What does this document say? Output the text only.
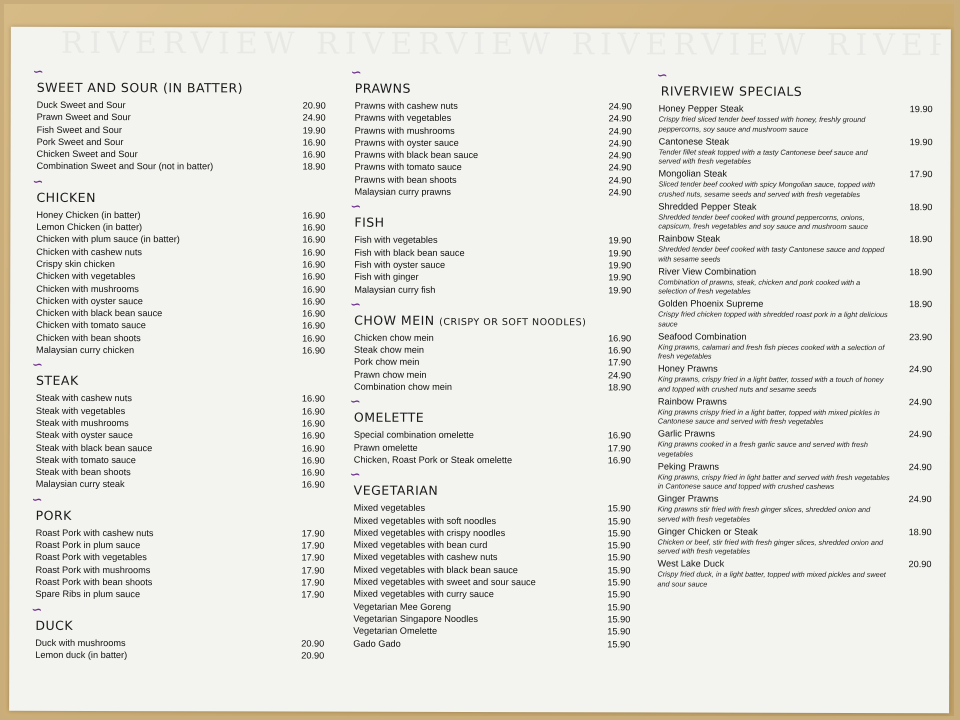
∽
SWEET AND SOUR (IN BATTER)
Duck Sweet and Sour	20.90
Prawn Sweet and Sour	24.90
Fish Sweet and Sour	19.90
Pork Sweet and Sour	16.90
Chicken Sweet and Sour	16.90
Combination Sweet and Sour (not in batter)	18.90
∽
CHICKEN
Honey Chicken (in batter)	16.90
Lemon Chicken (in batter)	16.90
Chicken with plum sauce (in batter)	16.90
Chicken with cashew nuts	16.90
Crispy skin chicken	16.90
Chicken with vegetables	16.90
Chicken with mushrooms	16.90
Chicken with oyster sauce	16.90
Chicken with black bean sauce	16.90
Chicken with tomato sauce	16.90
Chicken with bean shoots	16.90
Malaysian curry chicken	16.90
∽
STEAK
Steak with cashew nuts	16.90
Steak with vegetables	16.90
Steak with mushrooms	16.90
Steak with oyster sauce	16.90
Steak with black bean sauce	16.90
Steak with tomato sauce	16.90
Steak with bean shoots	16.90
Malaysian curry steak	16.90
∽
PORK
Roast Pork with cashew nuts	17.90
Roast Pork in plum sauce	17.90
Roast Pork with vegetables	17.90
Roast Pork with mushrooms	17.90
Roast Pork with bean shoots	17.90
Spare Ribs in plum sauce	17.90
∽
DUCK
Duck with mushrooms	20.90
Lemon duck (in batter)	20.90
∽
PRAWNS
Prawns with cashew nuts	24.90
Prawns with vegetables	24.90
Prawns with mushrooms	24.90
Prawns with oyster sauce	24.90
Prawns with black bean sauce	24.90
Prawns with tomato sauce	24.90
Prawns with bean shoots	24.90
Malaysian curry prawns	24.90
∽
FISH
Fish with vegetables	19.90
Fish with black bean sauce	19.90
Fish with oyster sauce	19.90
Fish with ginger	19.90
Malaysian curry fish	19.90
∽
CHOW MEIN (CRISPY OR SOFT NOODLES)
Chicken chow mein	16.90
Steak chow mein	16.90
Pork chow mein	17.90
Prawn chow mein	24.90
Combination chow mein	18.90
∽
OMELETTE
Special combination omelette	16.90
Prawn omelette	17.90
Chicken, Roast Pork or Steak omelette	16.90
∽
VEGETARIAN
Mixed vegetables	15.90
Mixed vegetables with soft noodles	15.90
Mixed vegetables with crispy noodles	15.90
Mixed vegetables with bean curd	15.90
Mixed vegetables with cashew nuts	15.90
Mixed vegetables with black bean sauce	15.90
Mixed vegetables with sweet and sour sauce	15.90
Mixed vegetables with curry sauce	15.90
Vegetarian Mee Goreng	15.90
Vegetarian Singapore Noodles	15.90
Vegetarian Omelette	15.90
Gado Gado	15.90
∽
RIVERVIEW SPECIALS
Honey Pepper Steak	19.90
Crispy fried sliced tender beef tossed with honey, freshly ground peppercorns, soy sauce and mushroom sauce
Cantonese Steak	19.90
Tender fillet steak topped with a tasty Cantonese beef sauce and served with fresh vegetables
Mongolian Steak	17.90
Sliced tender beef cooked with spicy Mongolian sauce, topped with crushed nuts, sesame seeds and served with fresh vegetables
Shredded Pepper Steak	18.90
Shredded tender beef cooked with ground peppercorns, onions, capsicum, fresh vegetables and soy sauce and mushroom sauce
Rainbow Steak	18.90
Shredded tender beef cooked with tasty Cantonese sauce and topped with sesame seeds
River View Combination	18.90
Combination of prawns, steak, chicken and pork cooked with a selection of fresh vegetables
Golden Phoenix Supreme	18.90
Crispy fried chicken topped with shredded roast pork in a light delicious sauce
Seafood Combination	23.90
King prawns, calamari and fresh fish pieces cooked with a selection of fresh vegetables
Honey Prawns	24.90
King prawns, crispy fried in a light batter, tossed with a touch of honey and topped with crushed nuts and sesame seeds
Rainbow Prawns	24.90
King prawns crispy fried in a light batter, topped with mixed pickles in Cantonese sauce and served with fresh vegetables
Garlic Prawns	24.90
King prawns cooked in a fresh garlic sauce and served with fresh vegetables
Peking Prawns	24.90
King prawns, crispy fried in light batter and served with fresh vegetables in Cantonese sauce and topped with crushed cashews
Ginger Prawns	24.90
King prawns stir fried with fresh ginger slices, shredded onion and served with fresh vegetables
Ginger Chicken or Steak	18.90
Chicken or beef, stir fried with fresh ginger slices, shredded onion and served with fresh vegetables
West Lake Duck	20.90
Crispy fried duck, in a light batter, topped with mixed pickles and sweet and sour sauce
